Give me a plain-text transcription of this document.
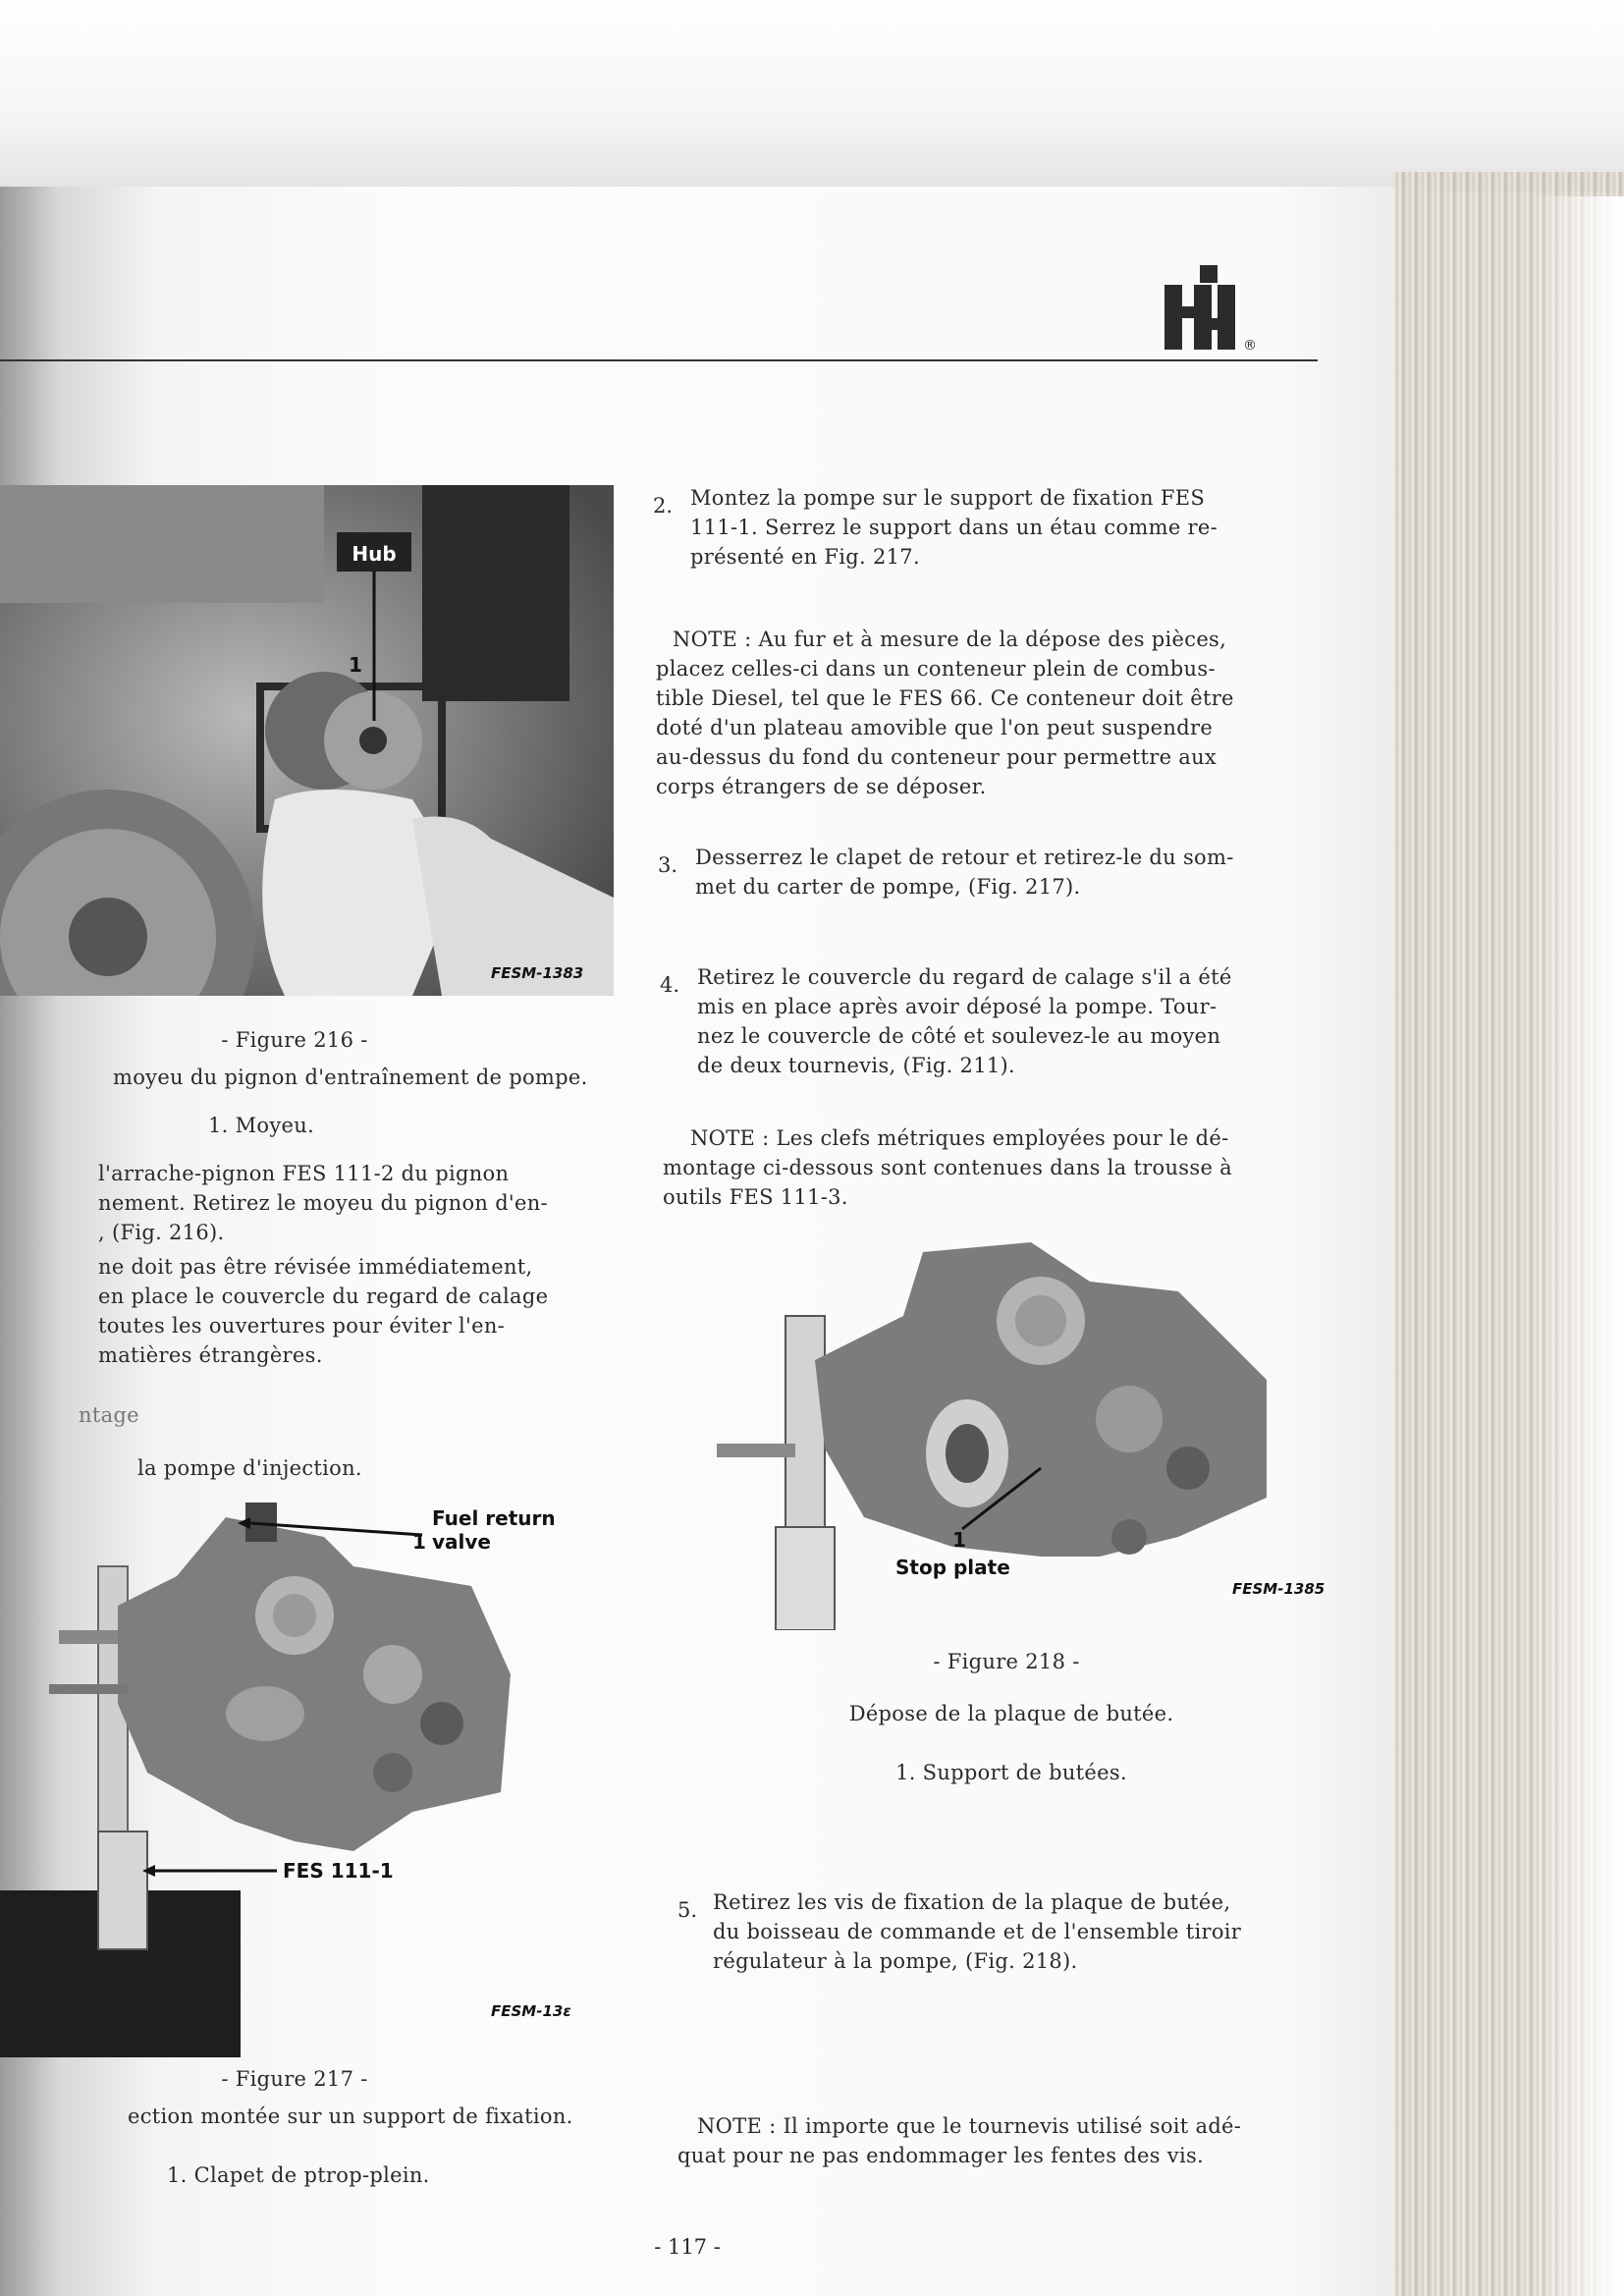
®
Hub
1
FESM-1383
- Figure 216 -
moyeu du pignon d'entraînement de pompe.
1. Moyeu.
l'arrache-pignon FES 111-2 du pignon
nement. Retirez le moyeu du pignon d'en-
, (Fig. 216).
ne doit pas être révisée immédiatement,
en place le couvercle du regard de calage
toutes les ouvertures pour éviter l'en-
matières étrangères.
ntage
la pompe d'injection.
Fuel return
valve
1
FES 111-1
FESM-13ε
- Figure 217 -
ection montée sur un support de fixation.
1. Clapet de ptrop-plein.
2. Montez la pompe sur le support de fixation FES
111-1. Serrez le support dans un étau comme re-
présenté en Fig. 217.
NOTE : Au fur et à mesure de la dépose des pièces,
placez celles-ci dans un conteneur plein de combus-
tible Diesel, tel que le FES 66. Ce conteneur doit être
doté d'un plateau amovible que l'on peut suspendre
au-dessus du fond du conteneur pour permettre aux
corps étrangers de se déposer.
3. Desserrez le clapet de retour et retirez-le du som-
met du carter de pompe, (Fig. 217).
4. Retirez le couvercle du regard de calage s'il a été
mis en place après avoir déposé la pompe. Tour-
nez le couvercle de côté et soulevez-le au moyen
de deux tournevis, (Fig. 211).
NOTE : Les clefs métriques employées pour le dé-
montage ci-dessous sont contenues dans la trousse à
outils FES 111-3.
1
Stop plate
FESM-1385
- Figure 218 -
Dépose de la plaque de butée.
1. Support de butées.
5. Retirez les vis de fixation de la plaque de butée,
du boisseau de commande et de l'ensemble tiroir
régulateur à la pompe, (Fig. 218).
NOTE : Il importe que le tournevis utilisé soit adé-
quat pour ne pas endommager les fentes des vis.
- 117 -
